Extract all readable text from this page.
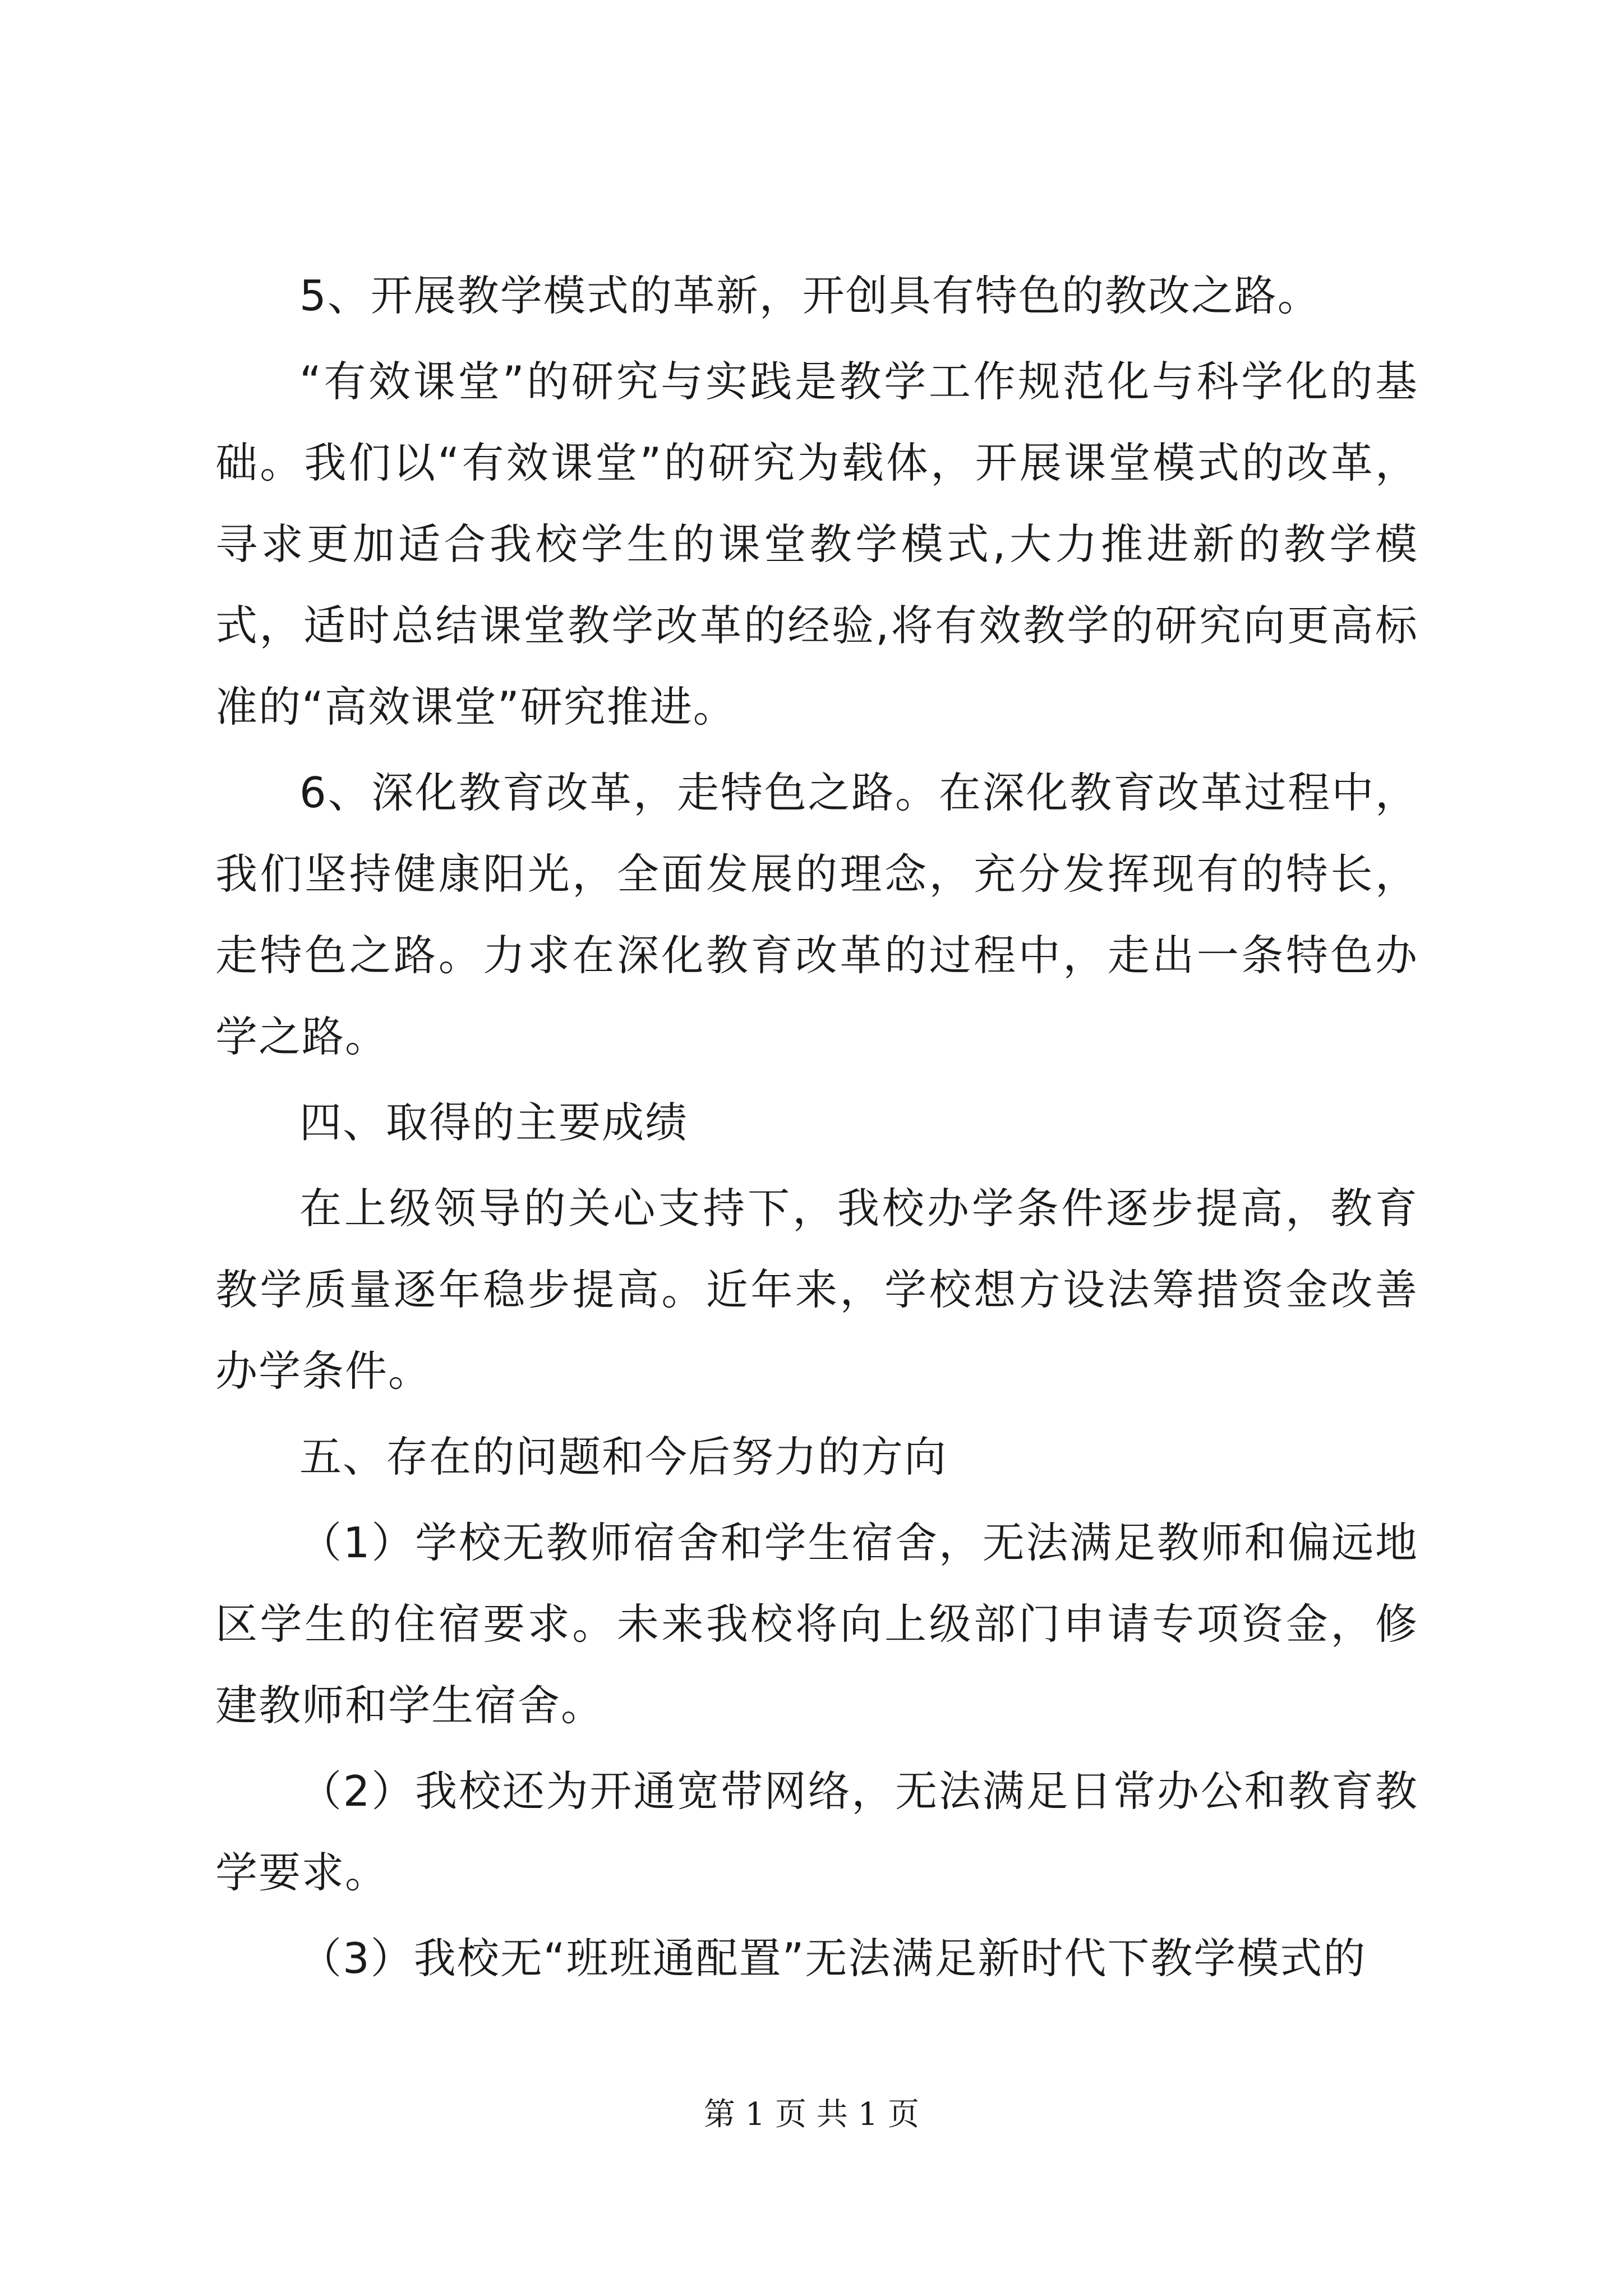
5、开展教学模式的革新，开创具有特色的教改之路。

“有效课堂”的研究与实践是教学工作规范化与科学化的基础。我们以“有效课堂”的研究为载体，开展课堂模式的改革，寻求更加适合我校学生的课堂教学模式,大力推进新的教学模式，适时总结课堂教学改革的经验,将有效教学的研究向更高标准的“高效课堂”研究推进。

6、深化教育改革，走特色之路。在深化教育改革过程中，我们坚持健康阳光，全面发展的理念，充分发挥现有的特长，走特色之路。力求在深化教育改革的过程中，走出一条特色办学之路。

四、取得的主要成绩

在上级领导的关心支持下，我校办学条件逐步提高，教育教学质量逐年稳步提高。近年来，学校想方设法筹措资金改善办学条件。

五、存在的问题和今后努力的方向

（1）学校无教师宿舍和学生宿舍，无法满足教师和偏远地区学生的住宿要求。未来我校将向上级部门申请专项资金，修建教师和学生宿舍。

（2）我校还为开通宽带网络，无法满足日常办公和教育教学要求。

（3）我校无“班班通配置”无法满足新时代下教学模式的

第 1 页 共 1 页
